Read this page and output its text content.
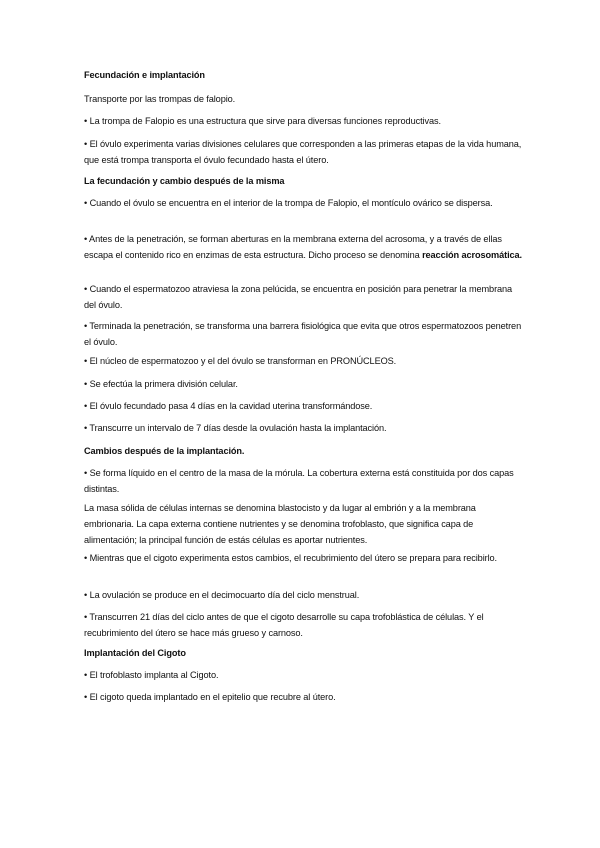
Fecundación e implantación

Transporte por las trompas de falopio.

• La trompa de Falopio es una estructura que sirve para diversas funciones reproductivas.

• El óvulo experimenta varias divisiones celulares que corresponden a las primeras etapas de la vida humana, que está trompa transporta el óvulo fecundado hasta el útero.

La fecundación y cambio después de la misma

• Cuando el óvulo se encuentra en el interior de la trompa de Falopio, el montículo ovárico se dispersa.

• Antes de la penetración, se forman aberturas en la membrana externa del acrosoma, y a través de ellas escapa el contenido rico en enzimas de esta estructura. Dicho proceso se denomina reacción acrosomática.

• Cuando el espermatozoo atraviesa la zona pelúcida, se encuentra en posición para penetrar la membrana del óvulo.

• Terminada la penetración, se transforma una barrera fisiológica que evita que otros espermatozoos penetren el óvulo.

• El núcleo de espermatozoo y el del óvulo se transforman en PRONÚCLEOS.

• Se efectúa la primera división celular.

• El óvulo fecundado pasa 4 días en la cavidad uterina transformándose.

• Transcurre un intervalo de 7 días desde la ovulación hasta la implantación.

Cambios después de la implantación.

• Se forma líquido en el centro de la masa de la mórula. La cobertura externa está constituida por dos capas distintas.

La masa sólida de células internas se denomina blastocisto y da lugar al embrión y a la membrana embrionaria. La capa externa contiene nutrientes y se denomina trofoblasto, que significa capa de alimentación; la principal función de estás células es aportar nutrientes.

• Mientras que el cigoto experimenta estos cambios, el recubrimiento del útero se prepara para recibirlo.

• La ovulación se produce en el decimocuarto día del ciclo menstrual.

• Transcurren 21 días del ciclo antes de que el cigoto desarrolle su capa trofoblástica de células. Y el recubrimiento del útero se hace más grueso y carnoso.

Implantación del Cigoto

• El trofoblasto implanta al Cigoto.

• El cigoto queda implantado en el epitelio que recubre al útero.
